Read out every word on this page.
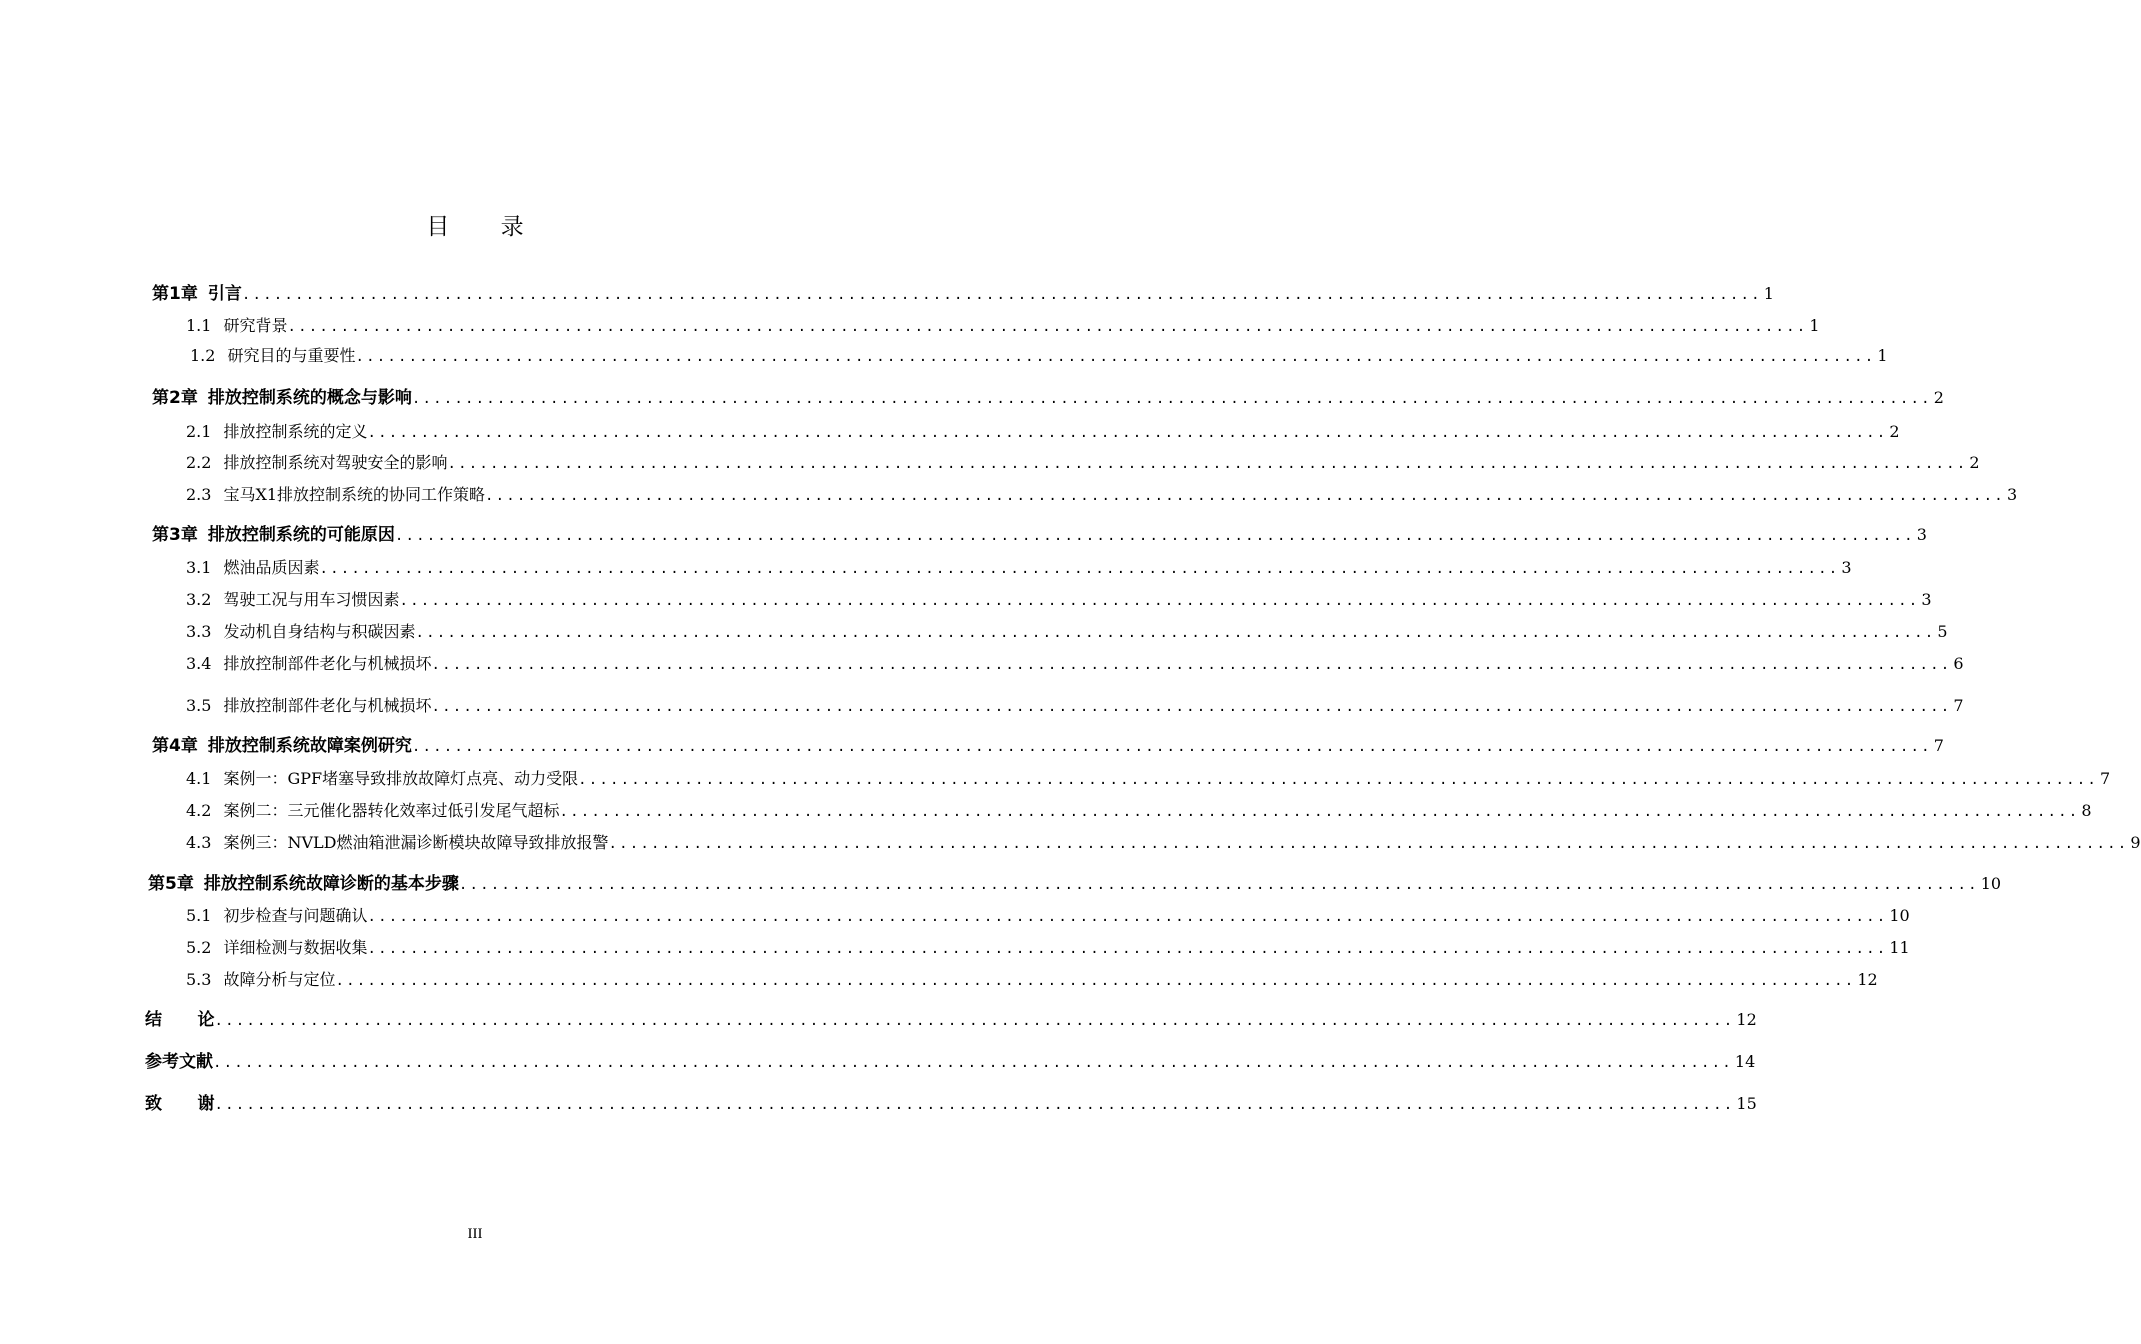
目 录
第1章 引言 ............................................................................................................................................... 1
1.1 研究背景 ............................................................................................................................................... 1
1.2 研究目的与重要性 ............................................................................................................................................... 1
第2章 排放控制系统的概念与影响 ............................................................................................................................................... 2
2.1 排放控制系统的定义 ............................................................................................................................................... 2
2.2 排放控制系统对驾驶安全的影响 ............................................................................................................................................... 2
2.3 宝马X1排放控制系统的协同工作策略 ............................................................................................................................................... 3
第3章 排放控制系统的可能原因 ............................................................................................................................................... 3
3.1 燃油品质因素 ............................................................................................................................................... 3
3.2 驾驶工况与用车习惯因素 ............................................................................................................................................... 3
3.3 发动机自身结构与积碳因素 ............................................................................................................................................... 5
3.4 排放控制部件老化与机械损坏 ............................................................................................................................................... 6
3.5 排放控制部件老化与机械损坏 ............................................................................................................................................... 7
第4章 排放控制系统故障案例研究 ............................................................................................................................................... 7
4.1 案例一：GPF堵塞导致排放故障灯点亮、动力受限 ............................................................................................................................................... 7
4.2 案例二：三元催化器转化效率过低引发尾气超标 ............................................................................................................................................... 8
4.3 案例三：NVLD燃油箱泄漏诊断模块故障导致排放报警 ............................................................................................................................................... 9
第5章 排放控制系统故障诊断的基本步骤 ............................................................................................................................................... 10
5.1 初步检查与问题确认 ............................................................................................................................................... 10
5.2 详细检测与数据收集 ............................................................................................................................................... 11
5.3 故障分析与定位 ............................................................................................................................................... 12
结      论 ............................................................................................................................................... 12
参考文献 ............................................................................................................................................... 14
致      谢 ............................................................................................................................................... 15
III
